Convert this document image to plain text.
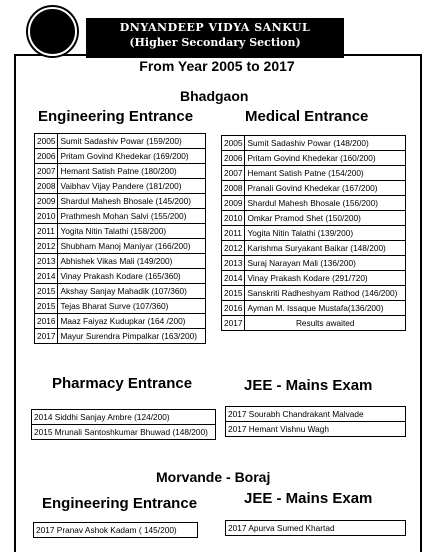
DNYANDEEP VIDYA SANKUL
(Higher Secondary Section)
From Year 2005 to 2017
Bhadgaon
Engineering Entrance	Medical Entrance
2005	Sumit Sadashiv Powar (159/200)
2006	Pritam Govind Khedekar (169/200)
2007	Hemant Satish Patne (180/200)
2008	Vaibhav Vijay Pandere (181/200)
2009	Shardul Mahesh Bhosale (145/200)
2010	Prathmesh Mohan Salvi (155/200)
2011	Yogita Nitin Talathi (158/200)
2012	Shubham Manoj Maniyar (166/200)
2013	Abhishek Vikas Mali (149/200)
2014	Vinay Prakash Kodare (165/360)
2015	Akshay Sanjay Mahadik (107/360)
2015	Tejas Bharat Surve (107/360)
2016	Maaz Faiyaz Kudupkar (164 /200)
2017	Mayur Surendra Pimpalkar (163/200)
2005	Sumit Sadashiv Powar (148/200)
2006	Pritam Govind Khedekar (160/200)
2007	Hemant Satish Patne (154/200)
2008	Pranali Govind Khedekar (167/200)
2009	Shardul Mahesh Bhosale (156/200)
2010	Omkar Pramod Shet (150/200)
2011	Yogita Nitin Talathi (139/200)
2012	Karishma Suryakant Baikar (148/200)
2013	Suraj Narayan Mali (136/200)
2014	Vinay Prakash Kodare (291/720)
2015	Sanskriti Radheshyam Rathod (146/200)
2016	Ayman M. Issaque Mustafa(136/200)
2017	Results awaited
Pharmacy Entrance	JEE - Mains Exam
2014 Siddhi Sanjay Ambre (124/200)
2015 Mrunali Santoshkumar Bhuwad (148/200)
2017 Sourabh Chandrakant Malvade
2017 Hemant Vishnu Wagh
Morvande - Boraj
Engineering Entrance	JEE - Mains Exam
2017 Pranav Ashok Kadam ( 145/200)	2017 Apurva Sumed Khartad
